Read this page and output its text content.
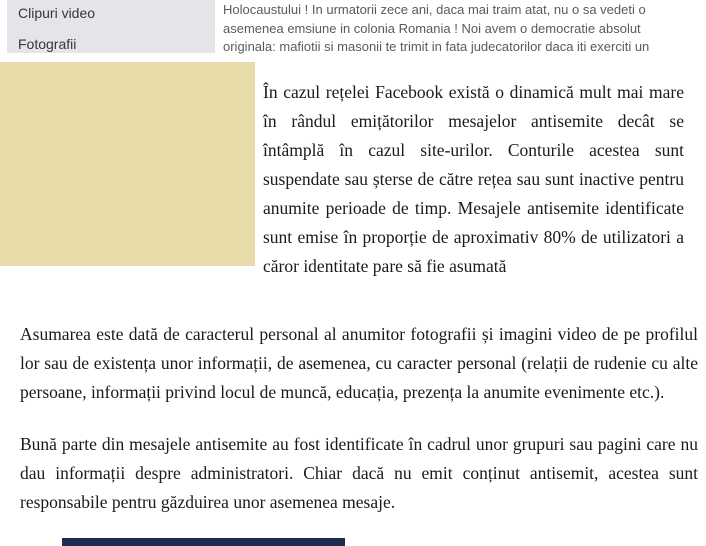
Clipuri video
Fotografii
Holocaustului ! In urmatorii zece ani, daca mai traim atat, nu o sa vedeti o asemenea emsiune in colonia Romania ! Noi avem o democratie absolut originala: mafiotii si masonii te trimit in fata judecatorilor daca iti exerciti un
În cazul rețelei Facebook există o dinamică mult mai mare în rândul emițătorilor mesajelor antisemite decât se întâmplă în cazul site-urilor. Conturile acestea sunt suspendate sau șterse de către rețea sau sunt inactive pentru anumite perioade de timp. Mesajele antisemite identificate sunt emise în proporție de aproximativ 80% de utilizatori a căror identitate pare să fie asumată
Asumarea este dată de caracterul personal al anumitor fotografii și imagini video de pe profilul lor sau de existența unor informații, de asemenea, cu caracter personal (relații de rudenie cu alte persoane, informații privind locul de muncă, educația, prezența la anumite evenimente etc.).
Bună parte din mesajele antisemite au fost identificate în cadrul unor grupuri sau pagini care nu dau informații despre administratori. Chiar dacă nu emit conținut antisemit, acestea sunt responsabile pentru găzduirea unor asemenea mesaje.
